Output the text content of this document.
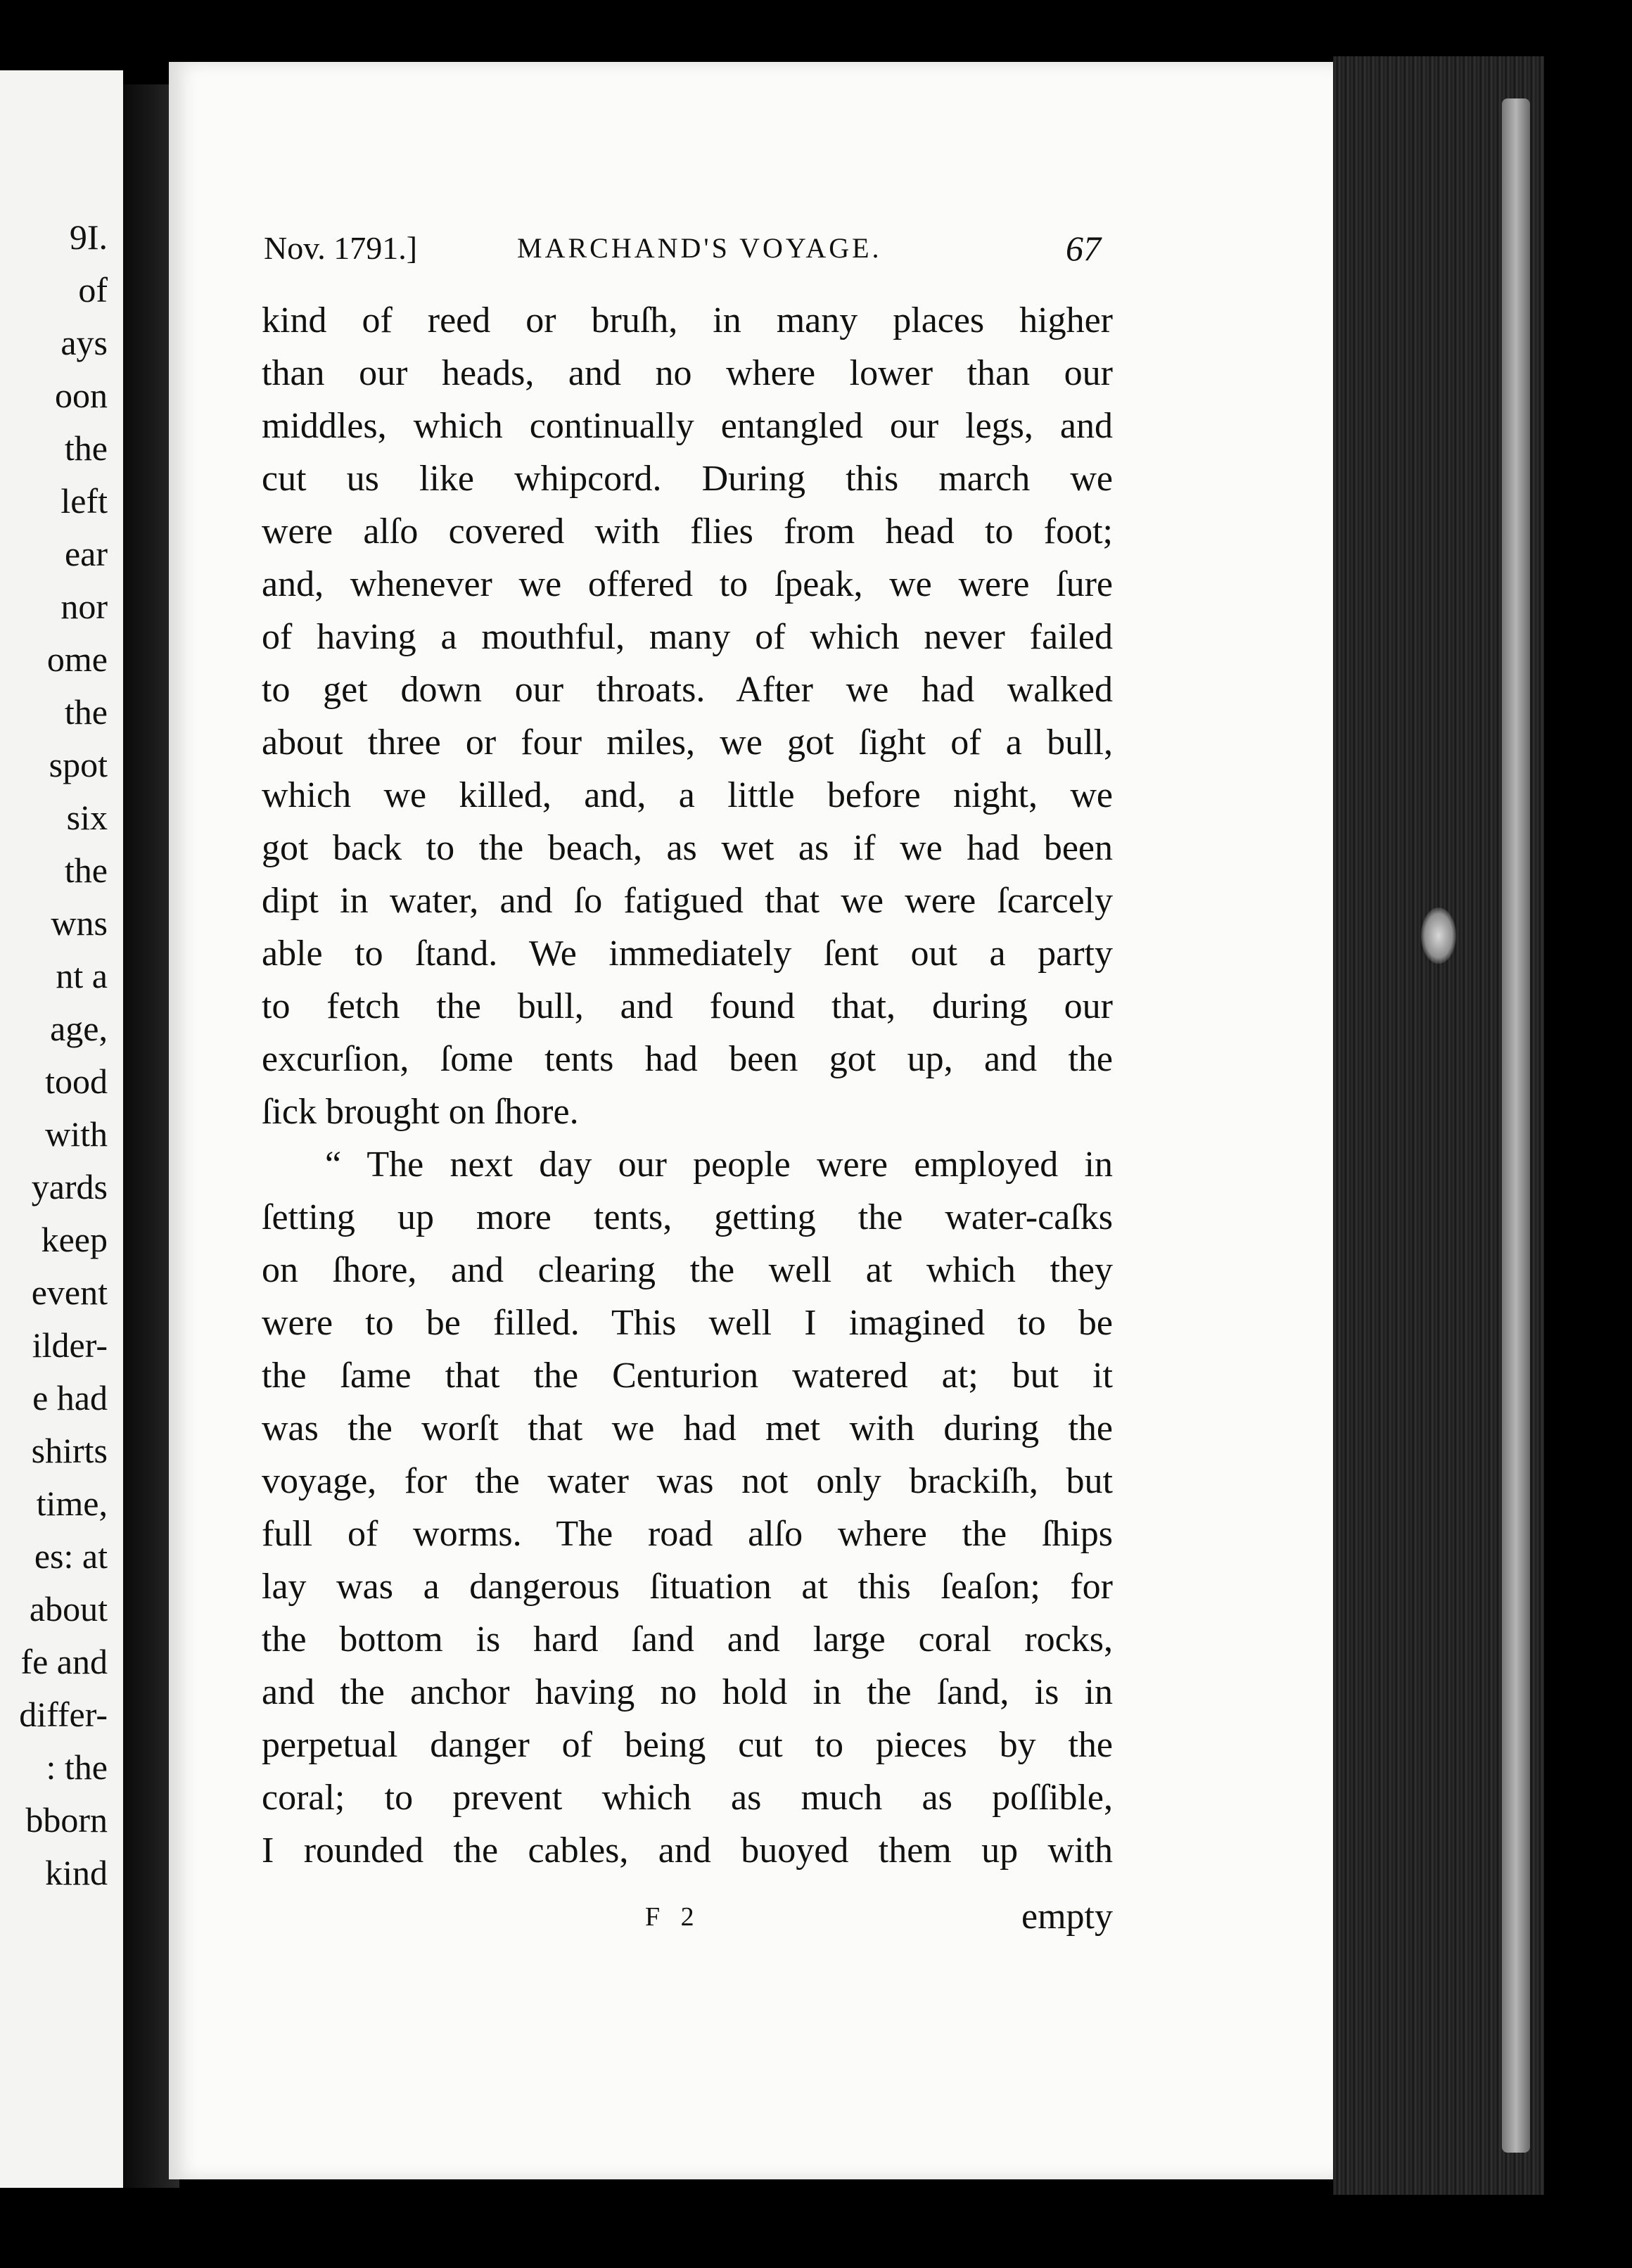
9I.
of
ays
oon
the
left
ear
nor
ome
the
spot
six
the
wns
nt a
age,
tood
with
yards
keep
event
ilder-
e had
shirts
time,
es: at
about
fe and
differ-
: the
bborn
kind
Nov. 1791.]	MARCHAND'S VOYAGE.	67
kind of reed or bruſh, in many places higher
than our heads, and no where lower than our
middles, which continually entangled our legs, and
cut us like whipcord. During this march we
were alſo covered with flies from head to foot;
and, whenever we offered to ſpeak, we were ſure
of having a mouthful, many of which never failed
to get down our throats. After we had walked
about three or four miles, we got ſight of a bull,
which we killed, and, a little before night, we
got back to the beach, as wet as if we had been
dipt in water, and ſo fatigued that we were ſcarcely
able to ſtand. We immediately ſent out a party
to fetch the bull, and found that, during our
excurſion, ſome tents had been got up, and the
ſick brought on ſhore.
“ The next day our people were employed in
ſetting up more tents, getting the water-caſks
on ſhore, and clearing the well at which they
were to be filled. This well I imagined to be
the ſame that the Centurion watered at; but it
was the worſt that we had met with during the
voyage, for the water was not only brackiſh, but
full of worms. The road alſo where the ſhips
lay was a dangerous ſituation at this ſeaſon; for
the bottom is hard ſand and large coral rocks,
and the anchor having no hold in the ſand, is in
perpetual danger of being cut to pieces by the
coral; to prevent which as much as poſſible,
I rounded the cables, and buoyed them up with
F 2	empty
